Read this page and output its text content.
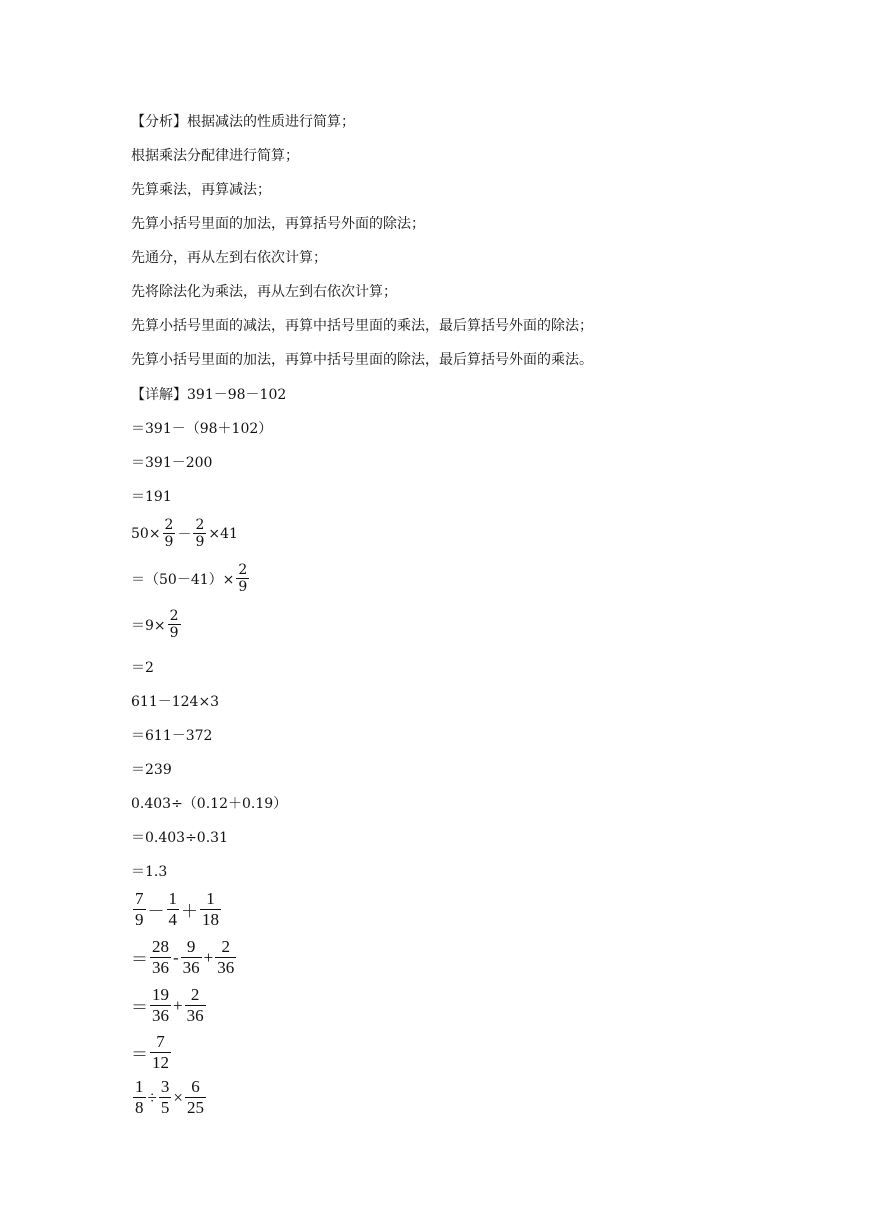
【分析】根据减法的性质进行简算；
根据乘法分配律进行简算；
先算乘法，再算减法；
先算小括号里面的加法，再算括号外面的除法；
先通分，再从左到右依次计算；
先将除法化为乘法，再从左到右依次计算；
先算小括号里面的减法，再算中括号里面的乘法，最后算括号外面的除法；
先算小括号里面的加法，再算中括号里面的除法，最后算括号外面的乘法。
【详解】391－98－102
＝391－（98＋102）
＝391－200
＝191
$50\times \frac{2}{9} - \frac{2}{9} \times 41$
$=(50-41)\times \frac{2}{9}$
$=9\times \frac{2}{9}$
＝2
611－124×3
＝611－372
＝239
0.403÷（0.12＋0.19）
＝0.403÷0.31
＝1.3
$\frac{7}{9} - \frac{1}{4} + \frac{1}{18}$
＝ $\frac{28}{36} - \frac{9}{36} + \frac{2}{36}$
＝ $\frac{19}{36} + \frac{2}{36}$
＝ $\frac{7}{12}$
$\frac{1}{8} \div \frac{3}{5} \times \frac{6}{25}$
